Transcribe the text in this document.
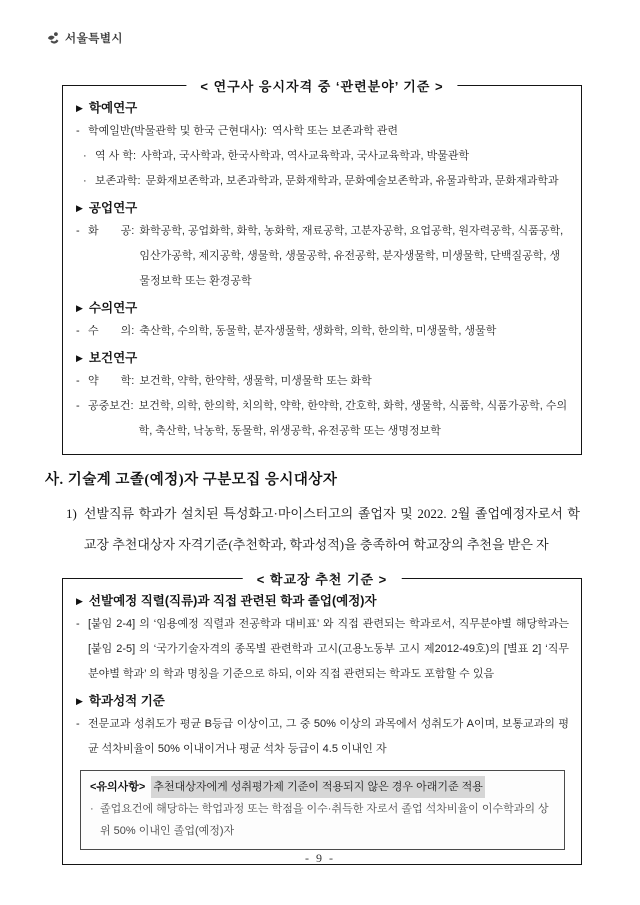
서울특별시
< 연구사 응시자격 중 ‘관련분야’ 기준 >
▶ 학예연구
- 학예일반(박물관학 및 한국 근현대사): 역사학 또는 보존과학 관련
· 역 사 학: 사학과, 국사학과, 한국사학과, 역사교육학과, 국사교육학과, 박물관학
· 보존과학: 문화재보존학과, 보존과학과, 문화재학과, 문화예술보존학과, 유물과학과, 문화재과학과
▶ 공업연구
- 화　　공: 화학공학, 공업화학, 화학, 농화학, 재료공학, 고분자공학, 요업공학, 원자력공학, 식품공학, 임산가공학, 제지공학, 생물학, 생물공학, 유전공학, 분자생물학, 미생물학, 단백질공학, 생물정보학 또는 환경공학
▶ 수의연구
- 수　　의: 축산학, 수의학, 동물학, 분자생물학, 생화학, 의학, 한의학, 미생물학, 생물학
▶ 보건연구
- 약　　학: 보건학, 약학, 한약학, 생물학, 미생물학 또는 화학
- 공중보건: 보건학, 의학, 한의학, 치의학, 약학, 한약학, 간호학, 화학, 생물학, 식품학, 식품가공학, 수의학, 축산학, 낙농학, 동물학, 위생공학, 유전공학 또는 생명정보학
사. 기술계 고졸(예정)자 구분모집 응시대상자
1) 선발직류 학과가 설치된 특성화고·마이스터고의 졸업자 및 2022. 2월 졸업예정자로서 학교장 추천대상자 자격기준(추천학과, 학과성적)을 충족하여 학교장의 추천을 받은 자
< 학교장 추천 기준 >
▶ 선발예정 직렬(직류)과 직접 관련된 학과 졸업(예정)자
- [붙임 2-4] 의 ‘임용예정 직렬과 전공학과 대비표’ 와 직접 관련되는 학과로서, 직무분야별 해당학과는 [붙임 2-5] 의 ‘국가기술자격의 종목별 관련학과 고시(고용노동부 고시 제2012-49호)의 [별표 2] ‘직무분야별 학과’ 의 학과 명칭을 기준으로 하되, 이와 직접 관련되는 학과도 포함할 수 있음
▶ 학과성적 기준
- 전문교과 성취도가 평균 B등급 이상이고, 그 중 50% 이상의 과목에서 성취도가 A이며, 보통교과의 평균 석차비율이 50% 이내이거나 평균 석차 등급이 4.5 이내인 자
<유의사항> 추천대상자에게 성취평가제 기준이 적용되지 않은 경우 아래기준 적용
· 졸업요건에 해당하는 학업과정 또는 학점을 이수·취득한 자로서 졸업 석차비율이 이수학과의 상위 50% 이내인 졸업(예정)자
- 9 -
